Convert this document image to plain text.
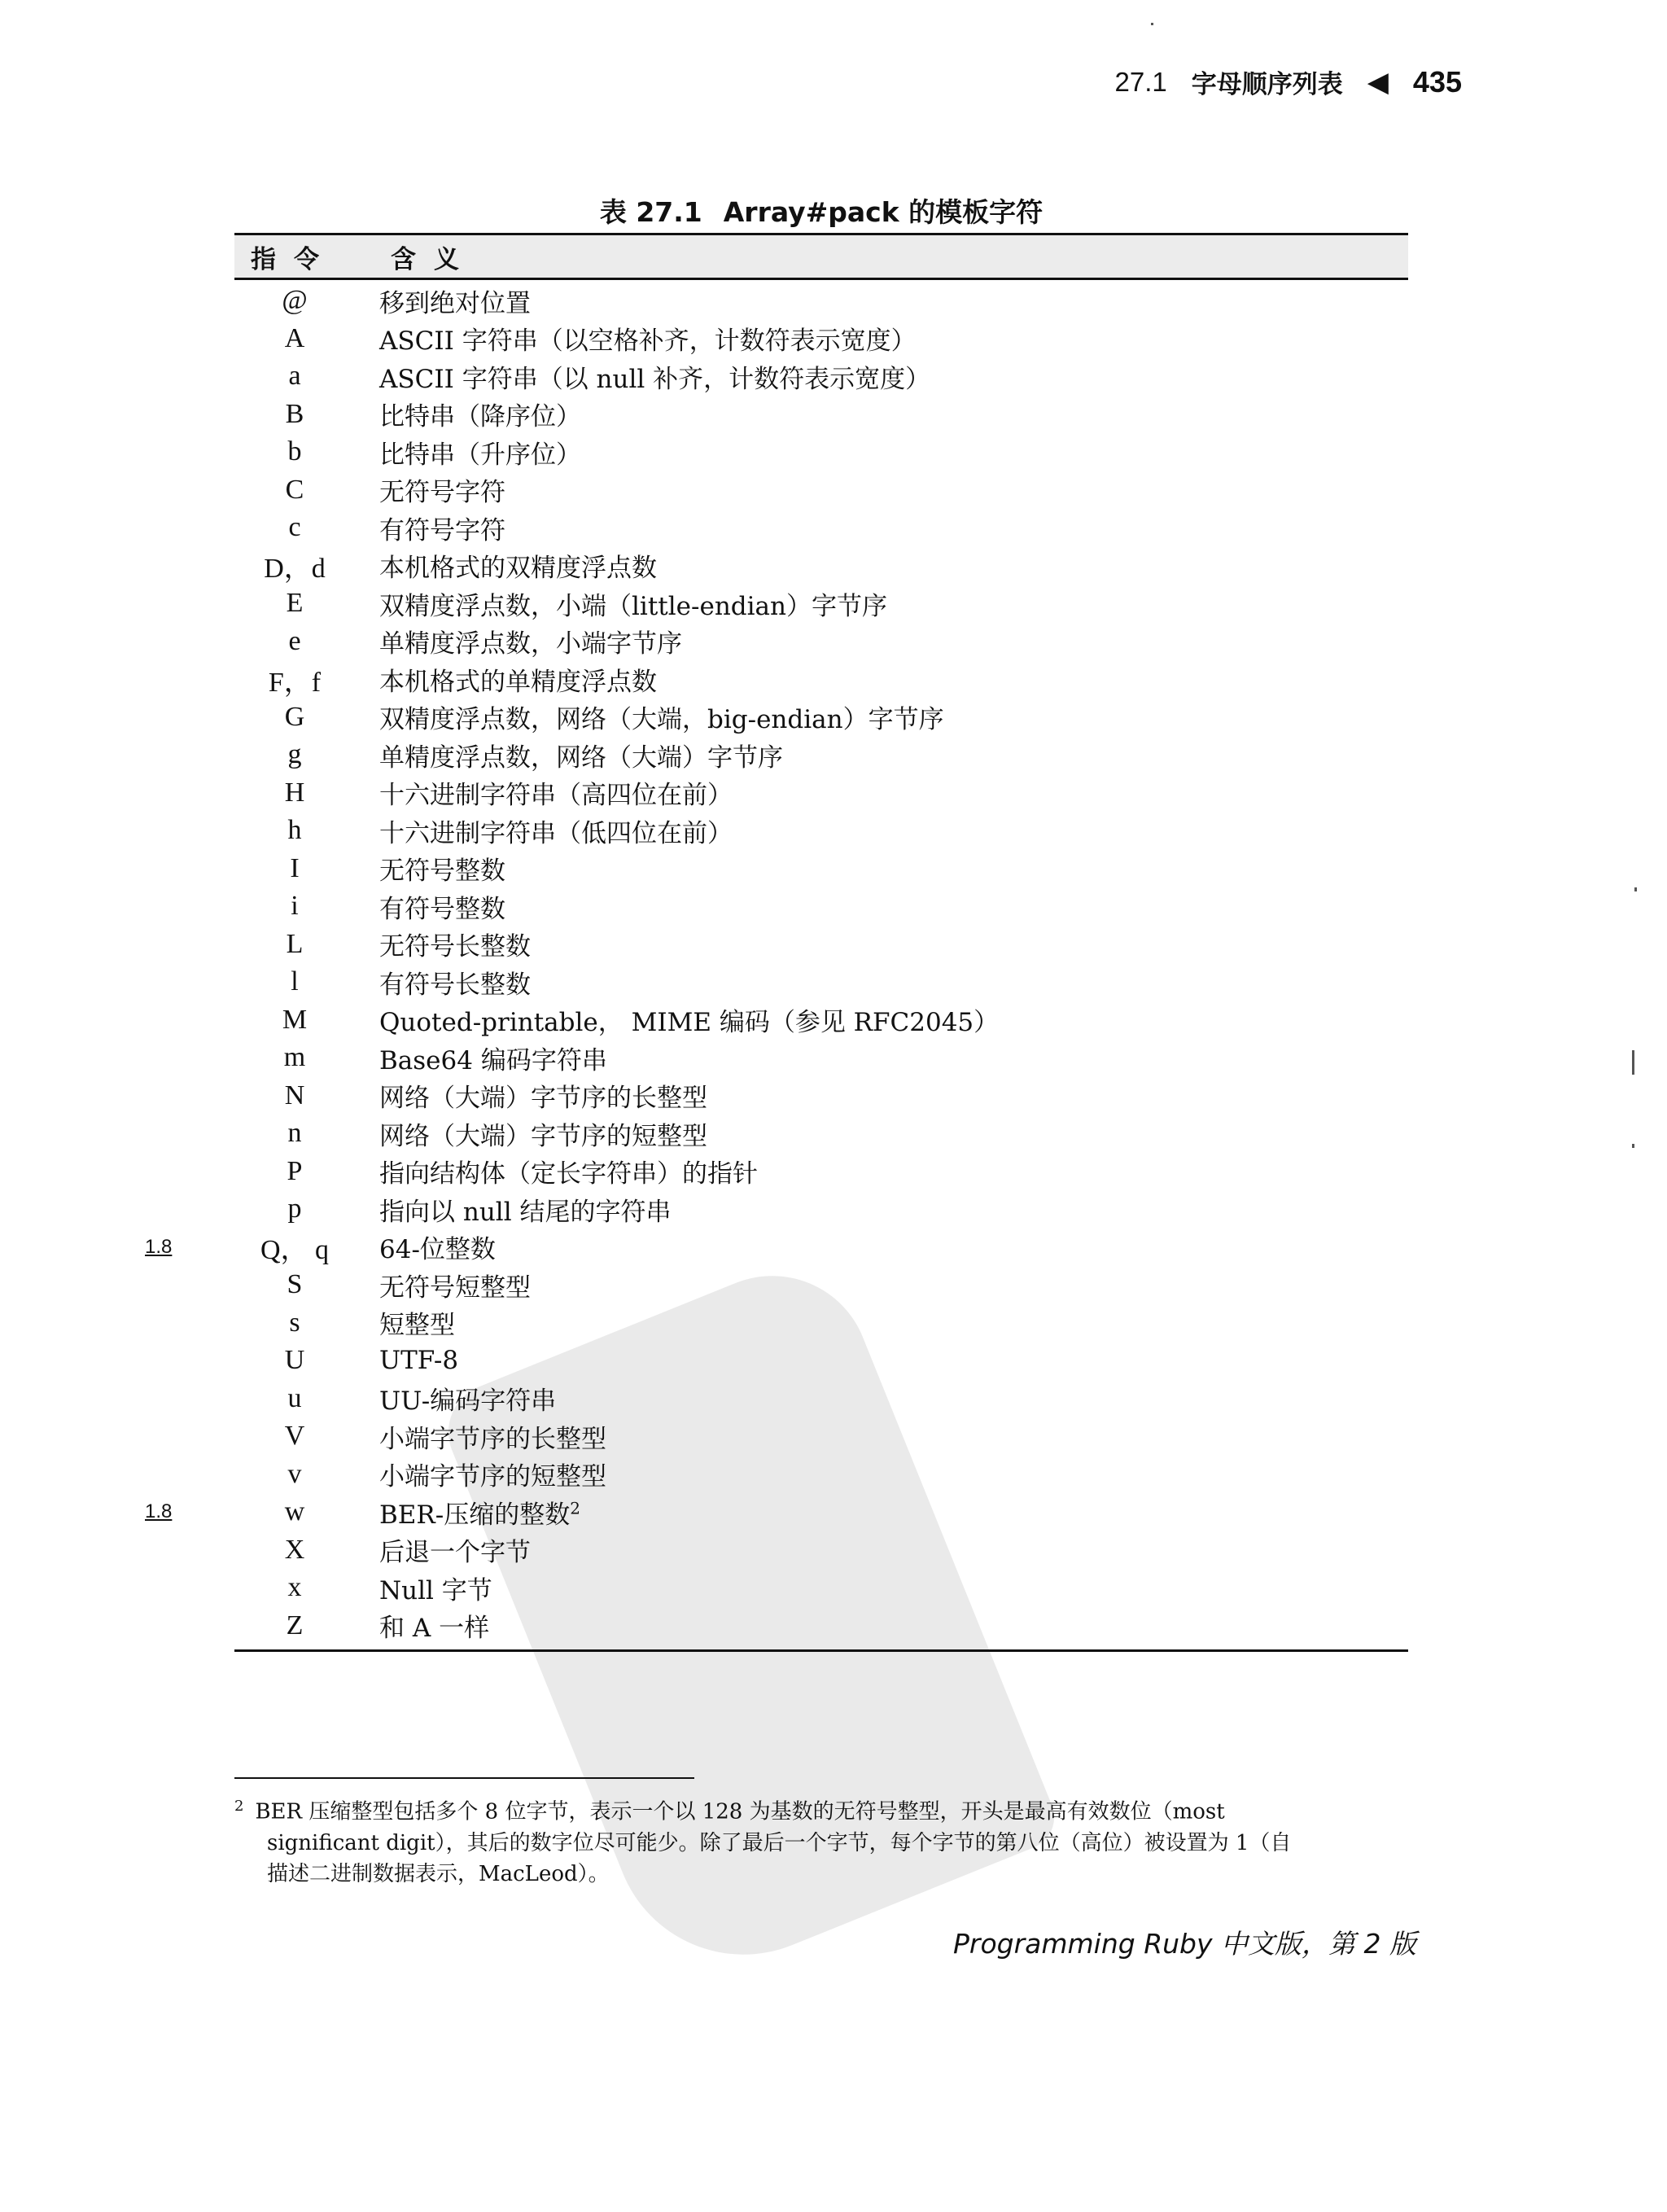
27.1 字母顺序列表 ◀ 435
表 27.1 Array#pack 的模板字符
指令	含义
@	移到绝对位置
A	ASCII 字符串（以空格补齐，计数符表示宽度）
a	ASCII 字符串（以 null 补齐，计数符表示宽度）
B	比特串（降序位）
b	比特串（升序位）
C	无符号字符
c	有符号字符
D，d	本机格式的双精度浮点数
E	双精度浮点数，小端（little-endian）字节序
e	单精度浮点数，小端字节序
F，f	本机格式的单精度浮点数
G	双精度浮点数，网络（大端，big-endian）字节序
g	单精度浮点数，网络（大端）字节序
H	十六进制字符串（高四位在前）
h	十六进制字符串（低四位在前）
I	无符号整数
i	有符号整数
L	无符号长整数
l	有符号长整数
M	Quoted-printable， MIME 编码（参见 RFC2045）
m	Base64 编码字符串
N	网络（大端）字节序的长整型
n	网络（大端）字节序的短整型
P	指向结构体（定长字符串）的指针
p	指向以 null 结尾的字符串
1.8	Q， q	64-位整数
S	无符号短整型
s	短整型
U	UTF-8
u	UU-编码字符串
V	小端字节序的长整型
v	小端字节序的短整型
1.8	w	BER-压缩的整数$^2$
X	后退一个字节
x	Null 字节
Z	和 A 一样
$^2$ BER 压缩整型包括多个 8 位字节，表示一个以 128 为基数的无符号整型，开头是最高有效数位（most
significant digit），其后的数字位尽可能少。除了最后一个字节，每个字节的第八位（高位）被设置为 1（自
描述二进制数据表示，MacLeod）。
Programming Ruby 中文版，第 2 版
